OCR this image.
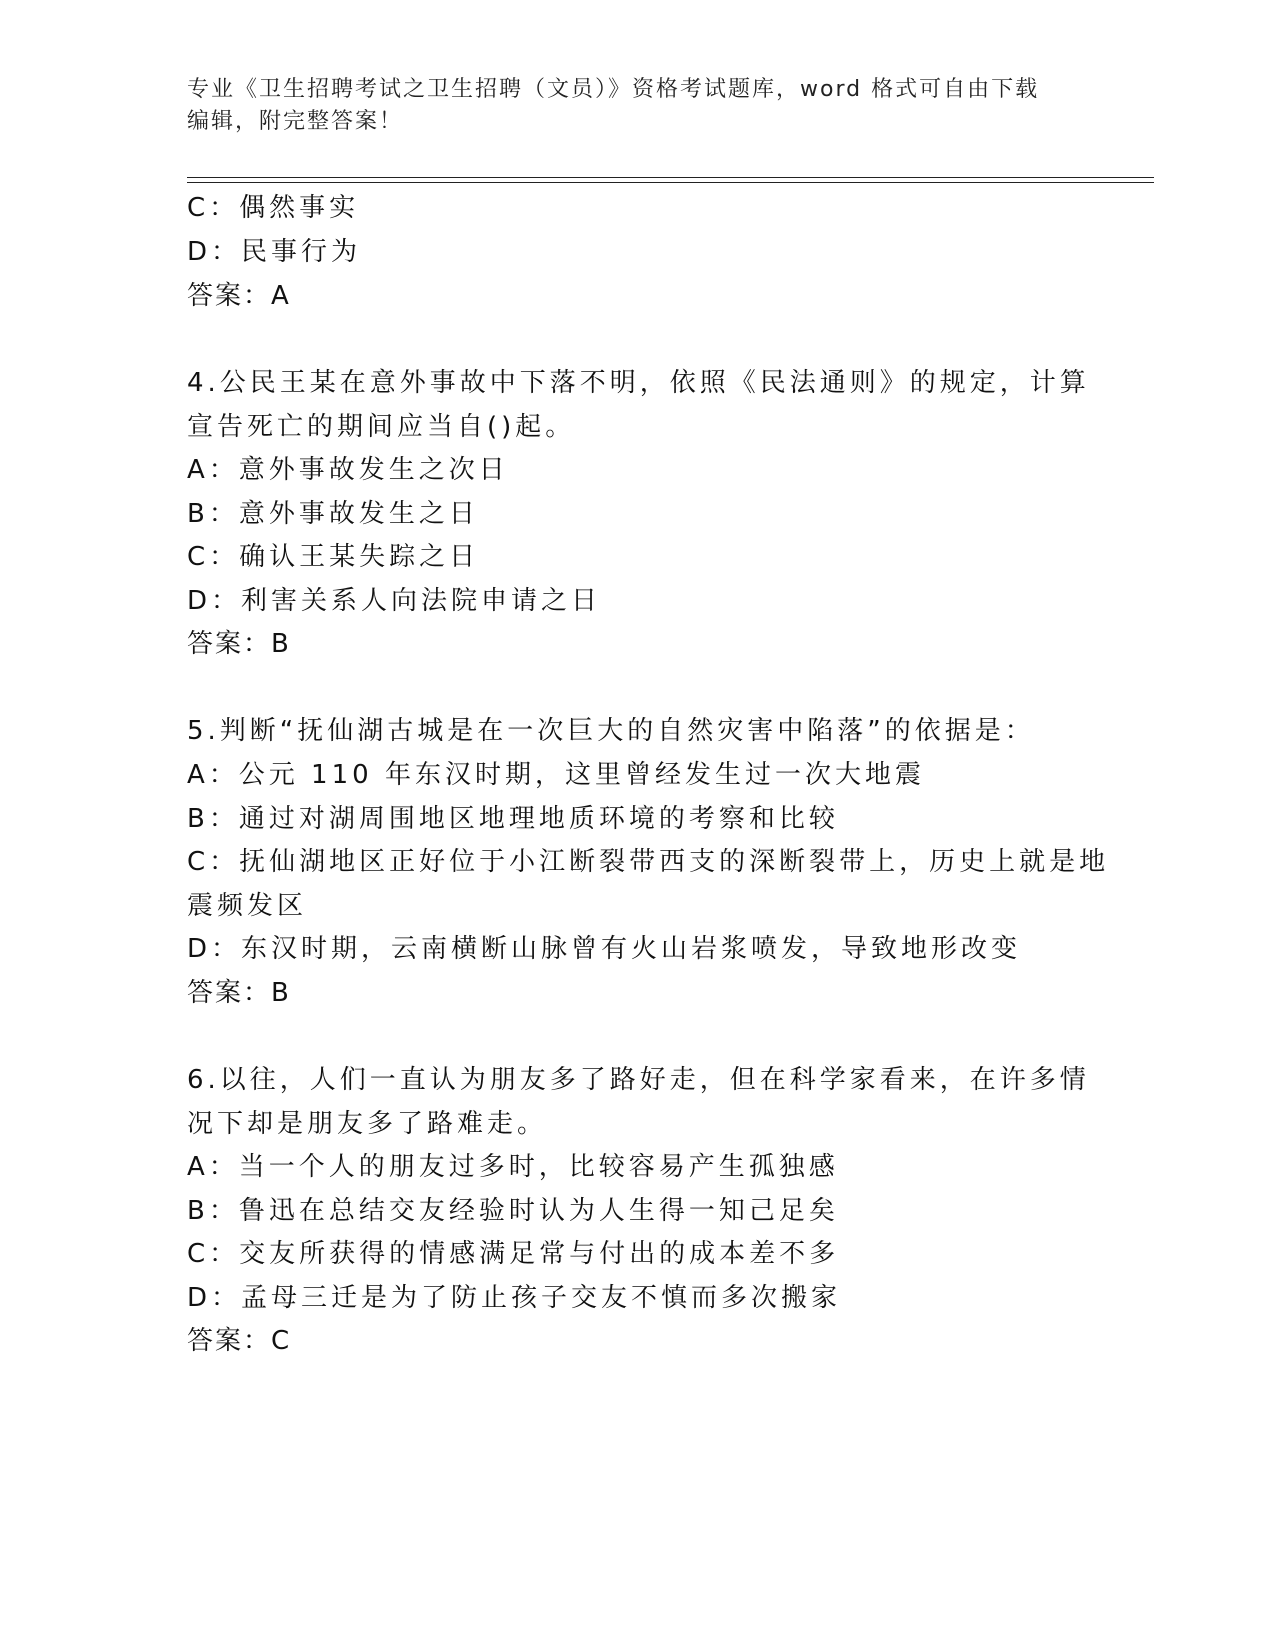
专业《卫生招聘考试之卫生招聘（文员）》资格考试题库，word 格式可自由下载
编辑，附完整答案！
C：偶然事实
D：民事行为
答案：A
4.公民王某在意外事故中下落不明，依照《民法通则》的规定，计算
宣告死亡的期间应当自()起。
A：意外事故发生之次日
B：意外事故发生之日
C：确认王某失踪之日
D：利害关系人向法院申请之日
答案：B
5.判断“抚仙湖古城是在一次巨大的自然灾害中陷落”的依据是：
A：公元 110 年东汉时期，这里曾经发生过一次大地震
B：通过对湖周围地区地理地质环境的考察和比较
C：抚仙湖地区正好位于小江断裂带西支的深断裂带上，历史上就是地
震频发区
D：东汉时期，云南横断山脉曾有火山岩浆喷发，导致地形改变
答案：B
6.以往，人们一直认为朋友多了路好走，但在科学家看来，在许多情
况下却是朋友多了路难走。
A：当一个人的朋友过多时，比较容易产生孤独感
B：鲁迅在总结交友经验时认为人生得一知己足矣
C：交友所获得的情感满足常与付出的成本差不多
D：孟母三迁是为了防止孩子交友不慎而多次搬家
答案：C
